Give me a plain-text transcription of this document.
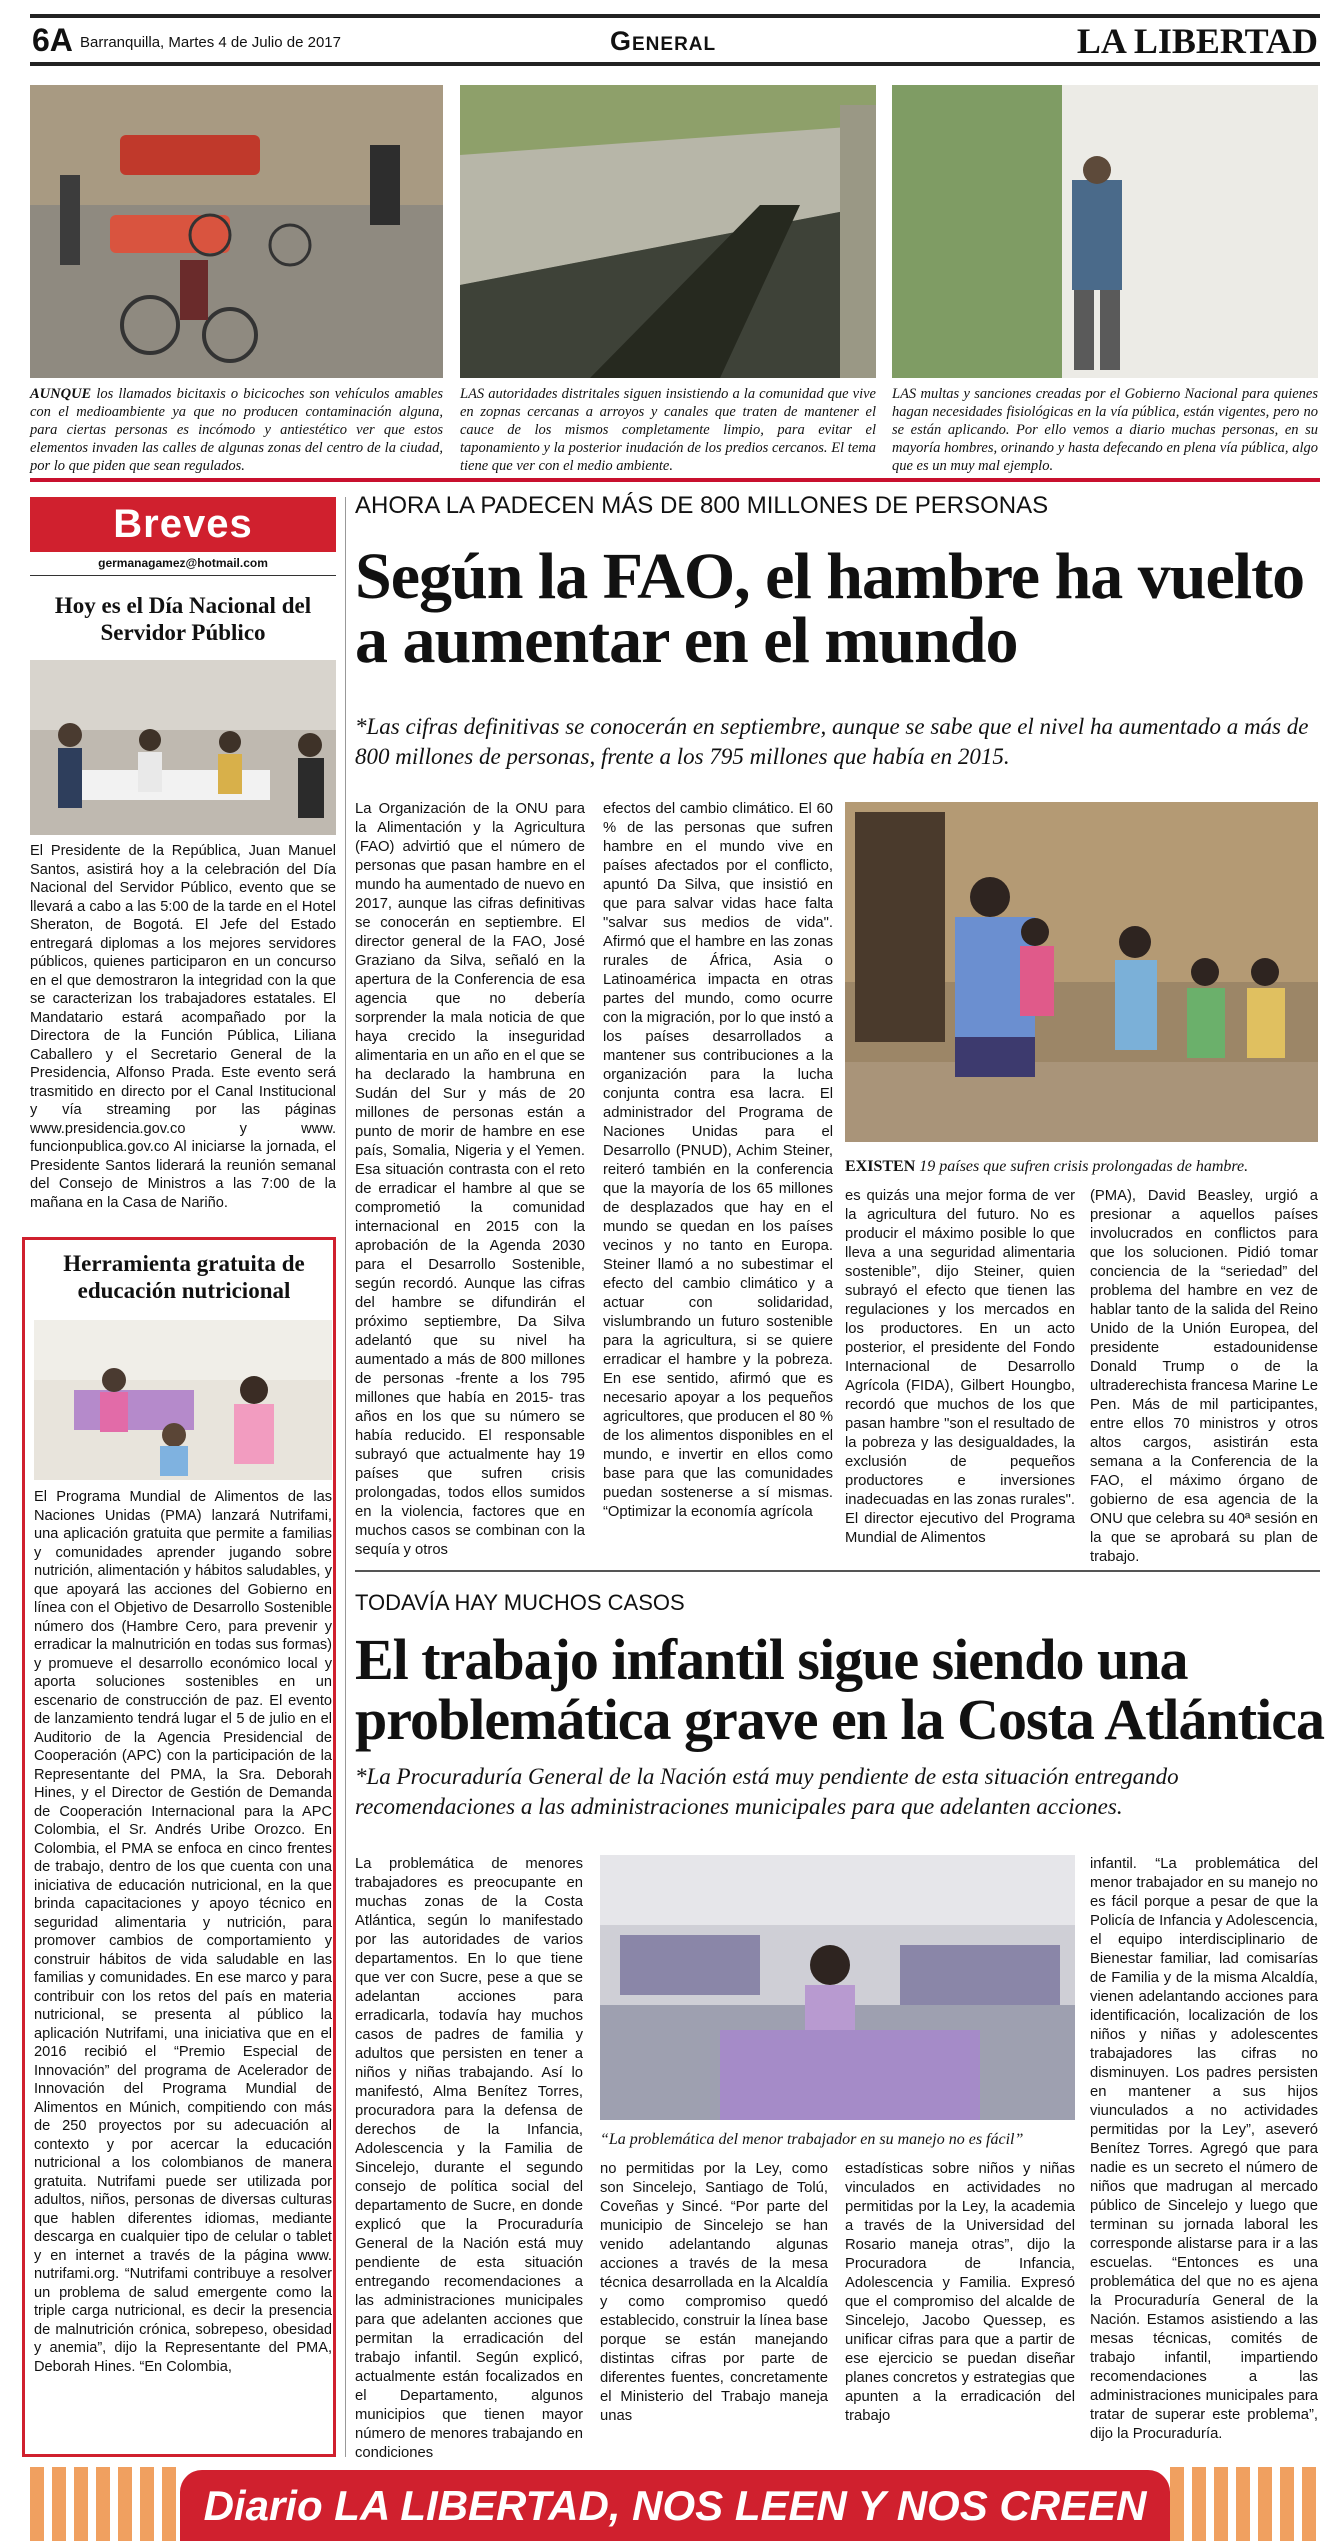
6A Barranquilla, Martes 4 de Julio de 2017	General	LA LIBERTAD
AUNQUE los llamados bicitaxis o bicicoches son vehículos amables con el medioambiente ya que no producen contaminación alguna, para ciertas personas es incómodo y antiestético ver que estos elementos invaden las calles de algunas zonas del centro de la ciudad, por lo que piden que sean regulados.
LAS autoridades distritales siguen insistiendo a la comunidad que vive en zopnas cercanas a arroyos y canales que traten de mantener el cauce de los mismos completamente limpio, para evitar el taponamiento y la posterior inudación de los predios cercanos. El tema tiene que ver con el medio ambiente.
LAS multas y sanciones creadas por el Gobierno Nacional para quienes hagan necesidades fisiológicas en la vía pública, están vigentes, pero no se están aplicando. Por ello vemos a diario muchas personas, en su mayoría hombres, orinando y hasta defecando en plena vía pública, algo que es un muy mal ejemplo.
Breves
germanagamez@hotmail.com
Hoy es el Día Nacional del Servidor Público
El Presidente de la República, Juan Manuel Santos, asistirá hoy a la celebración del Día Nacional del Servidor Público, evento que se llevará a cabo a las 5:00 de la tarde en el Hotel Sheraton, de Bogotá. El Jefe del Estado entregará diplomas a los mejores servidores públicos, quienes participaron en un concurso en el que demostraron la integridad con la que se caracterizan los trabajadores estatales. El Mandatario estará acompañado por la Directora de la Función Pública, Liliana Caballero y el Secretario General de la Presidencia, Alfonso Prada. Este evento será trasmitido en directo por el Canal Institucional y vía streaming por las páginas www.presidencia.gov.co y www. funcionpublica.gov.co Al iniciarse la jornada, el Presidente Santos liderará la reunión semanal del Consejo de Ministros a las 7:00 de la mañana en la Casa de Nariño.
Herramienta gratuita de educación nutricional
El Programa Mundial de Alimentos de las Naciones Unidas (PMA) lanzará Nutrifami, una aplicación gratuita que permite a familias y comunidades aprender jugando sobre nutrición, alimentación y hábitos saludables, y que apoyará las acciones del Gobierno en línea con el Objetivo de Desarrollo Sostenible número dos (Hambre Cero, para prevenir y erradicar la malnutrición en todas sus formas) y promueve el desarrollo económico local y aporta soluciones sostenibles en un escenario de construcción de paz. El evento de lanzamiento tendrá lugar el 5 de julio en el Auditorio de la Agencia Presidencial de Cooperación (APC) con la participación de la Representante del PMA, la Sra. Deborah Hines, y el Director de Gestión de Demanda de Cooperación Internacional para la APC Colombia, el Sr. Andrés Uribe Orozco. En Colombia, el PMA se enfoca en cinco frentes de trabajo, dentro de los que cuenta con una iniciativa de educación nutricional, en la que brinda capacitaciones y apoyo técnico en seguridad alimentaria y nutrición, para promover cambios de comportamiento y construir hábitos de vida saludable en las familias y comunidades. En ese marco y para contribuir con los retos del país en materia nutricional, se presenta al público la aplicación Nutrifami, una iniciativa que en el 2016 recibió el “Premio Especial de Innovación” del programa de Acelerador de Innovación del Programa Mundial de Alimentos en Múnich, compitiendo con más de 250 proyectos por su adecuación al contexto y por acercar la educación nutricional a los colombianos de manera gratuita. Nutrifami puede ser utilizada por adultos, niños, personas de diversas culturas que hablen diferentes idiomas, mediante descarga en cualquier tipo de celular o tablet y en internet a través de la página www. nutrifami.org. “Nutrifami contribuye a resolver un problema de salud emergente como la triple carga nutricional, es decir la presencia de malnutrición crónica, sobrepeso, obesidad y anemia”, dijo la Representante del PMA, Deborah Hines. “En Colombia,
AHORA LA PADECEN MÁS DE 800 MILLONES DE PERSONAS
Según la FAO, el hambre ha vuelto a aumentar en el mundo
*Las cifras definitivas se conocerán en septiembre, aunque se sabe que el nivel ha aumentado a más de 800 millones de personas, frente a los 795 millones que había en 2015.
La Organización de la ONU para la Alimentación y la Agricultura (FAO) advirtió que el número de personas que pasan hambre en el mundo ha aumentado de nuevo en 2017, aunque las cifras definitivas se conocerán en septiembre. El director general de la FAO, José Graziano da Silva, señaló en la apertura de la Conferencia de esa agencia que no debería sorprender la mala noticia de que haya crecido la inseguridad alimentaria en un año en el que se ha declarado la hambruna en Sudán del Sur y más de 20 millones de personas están a punto de morir de hambre en ese país, Somalia, Nigeria y el Yemen. Esa situación contrasta con el reto de erradicar el hambre al que se comprometió la comunidad internacional en 2015 con la aprobación de la Agenda 2030 para el Desarrollo Sostenible, según recordó. Aunque las cifras del hambre se difundirán el próximo septiembre, Da Silva adelantó que su nivel ha aumentado a más de 800 millones de personas -frente a los 795 millones que había en 2015- tras años en los que su número se había reducido. El responsable subrayó que actualmente hay 19 países que sufren crisis prolongadas, todos ellos sumidos en la violencia, factores que en muchos casos se combinan con la sequía y otros
efectos del cambio climático. El 60 % de las personas que sufren hambre en el mundo vive en países afectados por el conflicto, apuntó Da Silva, que insistió en que para salvar vidas hace falta "salvar sus medios de vida". Afirmó que el hambre en las zonas rurales de África, Asia o Latinoamérica impacta en otras partes del mundo, como ocurre con la migración, por lo que instó a los países desarrollados a mantener sus contribuciones a la organización para la lucha conjunta contra esa lacra. El administrador del Programa de Naciones Unidas para el Desarrollo (PNUD), Achim Steiner, reiteró también en la conferencia que la mayoría de los 65 millones de desplazados que hay en el mundo se quedan en los países vecinos y no tanto en Europa. Steiner llamó a no subestimar el efecto del cambio climático y a actuar con solidaridad, vislumbrando un futuro sostenible para la agricultura, si se quiere erradicar el hambre y la pobreza. En ese sentido, afirmó que es necesario apoyar a los pequeños agricultores, que producen el 80 % de los alimentos disponibles en el mundo, e invertir en ellos como base para que las comunidades puedan sostenerse a sí mismas. “Optimizar la economía agrícola
EXISTEN 19 países que sufren crisis prolongadas de hambre.
es quizás una mejor forma de ver la agricultura del futuro. No es producir el máximo posible lo que lleva a una seguridad alimentaria sostenible”, dijo Steiner, quien subrayó el efecto que tienen las regulaciones y los mercados en los productores. En un acto posterior, el presidente del Fondo Internacional de Desarrollo Agrícola (FIDA), Gilbert Houngbo, recordó que muchos de los que pasan hambre "son el resultado de la pobreza y las desigualdades, la exclusión de pequeños productores e inversiones inadecuadas en las zonas rurales". El director ejecutivo del Programa Mundial de Alimentos
(PMA), David Beasley, urgió a presionar a aquellos países involucrados en conflictos para que los solucionen. Pidió tomar conciencia de la “seriedad” del problema del hambre en vez de hablar tanto de la salida del Reino Unido de la Unión Europea, del presidente estadounidense Donald Trump o de la ultraderechista francesa Marine Le Pen. Más de mil participantes, entre ellos 70 ministros y otros altos cargos, asistirán esta semana a la Conferencia de la FAO, el máximo órgano de gobierno de esa agencia de la ONU que celebra su 40ª sesión en la que se aprobará su plan de trabajo.
TODAVÍA HAY MUCHOS CASOS
El trabajo infantil sigue siendo una problemática grave en la Costa Atlántica
*La Procuraduría General de la Nación está muy pendiente de esta situación entregando recomendaciones a las administraciones municipales para que adelanten acciones.
La problemática de menores trabajadores es preocupante en muchas zonas de la Costa Atlántica, según lo manifestado por las autoridades de varios departamentos. En lo que tiene que ver con Sucre, pese a que se adelantan acciones para erradicarla, todavía hay muchos casos de padres de familia y adultos que persisten en tener a niños y niñas trabajando. Así lo manifestó, Alma Benítez Torres, procuradora para la defensa de derechos de la Infancia, Adolescencia y la Familia de Sincelejo, durante el segundo consejo de política social del departamento de Sucre, en donde explicó que la Procuraduría General de la Nación está muy pendiente de esta situación entregando recomendaciones a las administraciones municipales para que adelanten acciones que permitan la erradicación del trabajo infantil. Según explicó, actualmente están focalizados en el Departamento, algunos municipios que tienen mayor número de menores trabajando en condiciones
“La problemática del menor trabajador en su manejo no es fácil”
no permitidas por la Ley, como son Sincelejo, Santiago de Tolú, Coveñas y Sincé. “Por parte del municipio de Sincelejo se han venido adelantando algunas acciones a través de la mesa técnica desarrollada en la Alcaldía y como compromiso quedó establecido, construir la línea base porque se están manejando distintas cifras por parte de diferentes fuentes, concretamente el Ministerio del Trabajo maneja unas
estadísticas sobre niños y niñas vinculados en actividades no permitidas por la Ley, la academia a través de la Universidad del Rosario maneja otras”, dijo la Procuradora de Infancia, Adolescencia y Familia. Expresó que el compromiso del alcalde de Sincelejo, Jacobo Quessep, es unificar cifras para que a partir de ese ejercicio se puedan diseñar planes concretos y estrategias que apunten a la erradicación del trabajo
infantil. “La problemática del menor trabajador en su manejo no es fácil porque a pesar de que la Policía de Infancia y Adolescencia, el equipo interdisciplinario de Bienestar familiar, lad comisarías de Familia y de la misma Alcaldía, vienen adelantando acciones para identificación, localización de los niños y niñas y adolescentes trabajadores las cifras no disminuyen. Los padres persisten en mantener a sus hijos viunculados a no actividades permitidas por la Ley”, aseveró Benítez Torres. Agregó que para nadie es un secreto el número de niños que madrugan al mercado público de Sincelejo y luego que terminan su jornada laboral les corresponde alistarse para ir a las escuelas. “Entonces es una problemática del que no es ajena la Procuraduría General de la Nación. Estamos asistiendo a las mesas técnicas, comités de trabajo infantil, impartiendo recomendaciones a las administraciones municipales para tratar de superar este problema”, dijo la Procuraduría.
Diario LA LIBERTAD, NOS LEEN Y NOS CREEN
